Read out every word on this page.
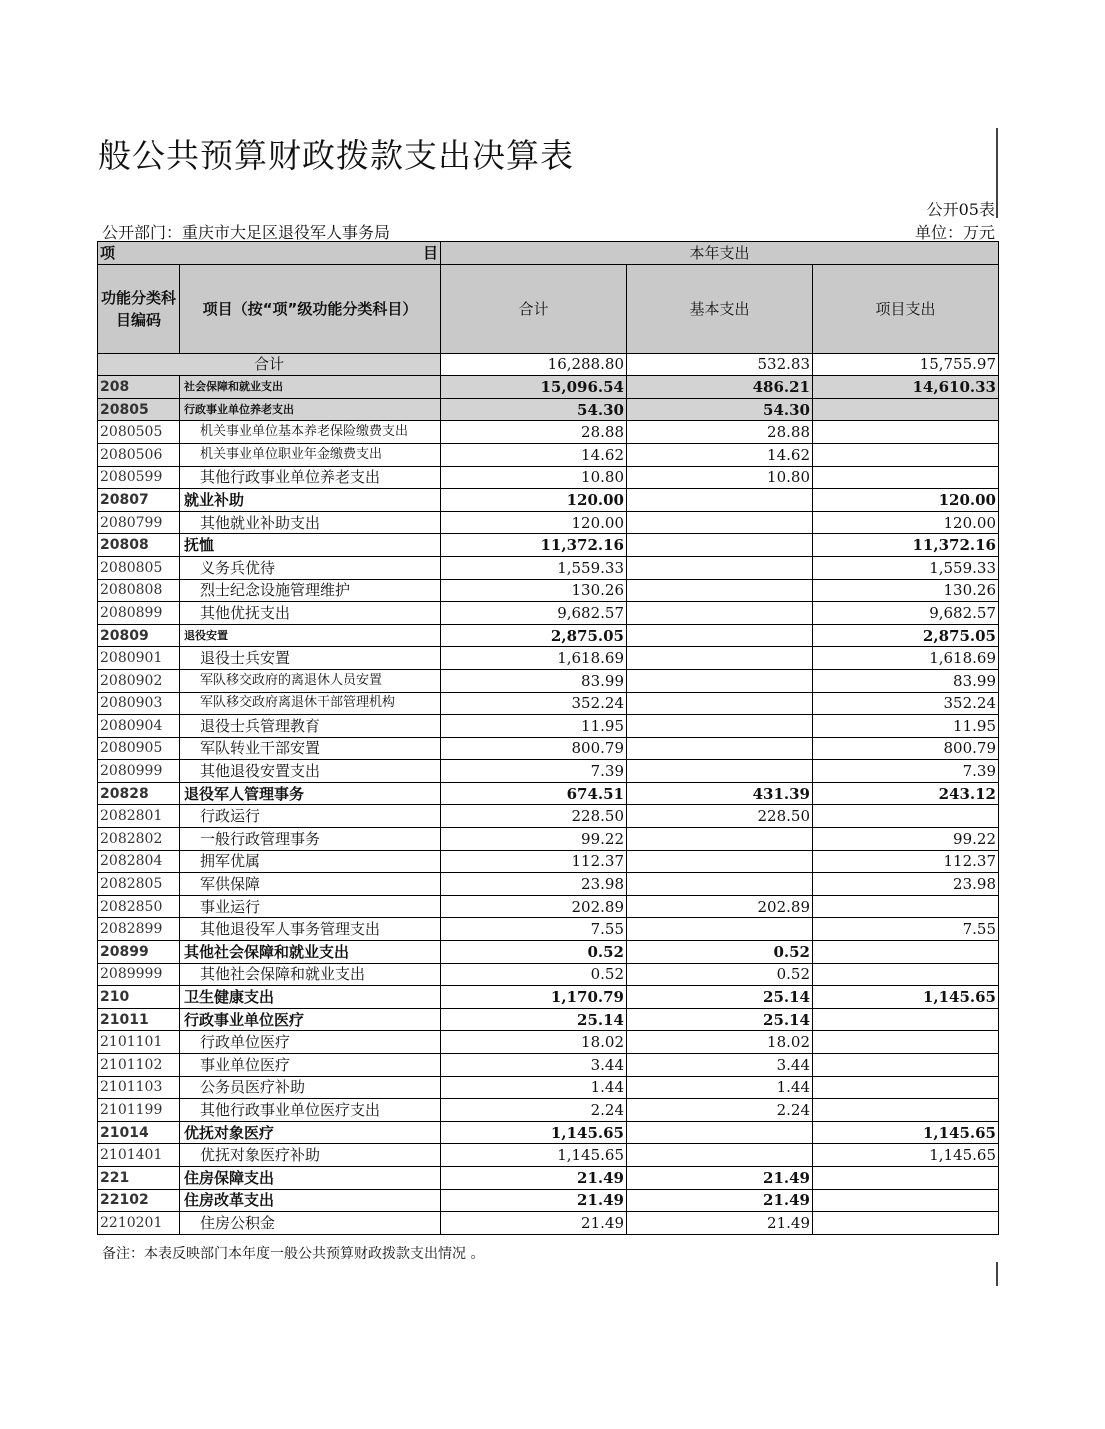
般公共预算财政拨款支出决算表
公开05表
公开部门：重庆市大足区退役军人事务局	单位：万元
项 目		本年支出		
功能分类科目编码	项目（按“项”级功能分类科目）	合计	基本支出	项目支出
合计		16,288.80	532.83	15,755.97
208	社会保障和就业支出	15,096.54	486.21	14,610.33
20805	行政事业单位养老支出	54.30	54.30	
2080505	机关事业单位基本养老保险缴费支出	28.88	28.88	
2080506	机关事业单位职业年金缴费支出	14.62	14.62	
2080599	其他行政事业单位养老支出	10.80	10.80	
20807	就业补助	120.00		120.00
2080799	其他就业补助支出	120.00		120.00
20808	抚恤	11,372.16		11,372.16
2080805	义务兵优待	1,559.33		1,559.33
2080808	烈士纪念设施管理维护	130.26		130.26
2080899	其他优抚支出	9,682.57		9,682.57
20809	退役安置	2,875.05		2,875.05
2080901	退役士兵安置	1,618.69		1,618.69
2080902	军队移交政府的离退休人员安置	83.99		83.99
2080903	军队移交政府离退休干部管理机构	352.24		352.24
2080904	退役士兵管理教育	11.95		11.95
2080905	军队转业干部安置	800.79		800.79
2080999	其他退役安置支出	7.39		7.39
20828	退役军人管理事务	674.51	431.39	243.12
2082801	行政运行	228.50	228.50	
2082802	一般行政管理事务	99.22		99.22
2082804	拥军优属	112.37		112.37
2082805	军供保障	23.98		23.98
2082850	事业运行	202.89	202.89	
2082899	其他退役军人事务管理支出	7.55		7.55
20899	其他社会保障和就业支出	0.52	0.52	
2089999	其他社会保障和就业支出	0.52	0.52	
210	卫生健康支出	1,170.79	25.14	1,145.65
21011	行政事业单位医疗	25.14	25.14	
2101101	行政单位医疗	18.02	18.02	
2101102	事业单位医疗	3.44	3.44	
2101103	公务员医疗补助	1.44	1.44	
2101199	其他行政事业单位医疗支出	2.24	2.24	
21014	优抚对象医疗	1,145.65		1,145.65
2101401	优抚对象医疗补助	1,145.65		1,145.65
221	住房保障支出	21.49	21.49	
22102	住房改革支出	21.49	21.49	
2210201	住房公积金	21.49	21.49	
备注：本表反映部门本年度一般公共预算财政拨款支出情况 。
